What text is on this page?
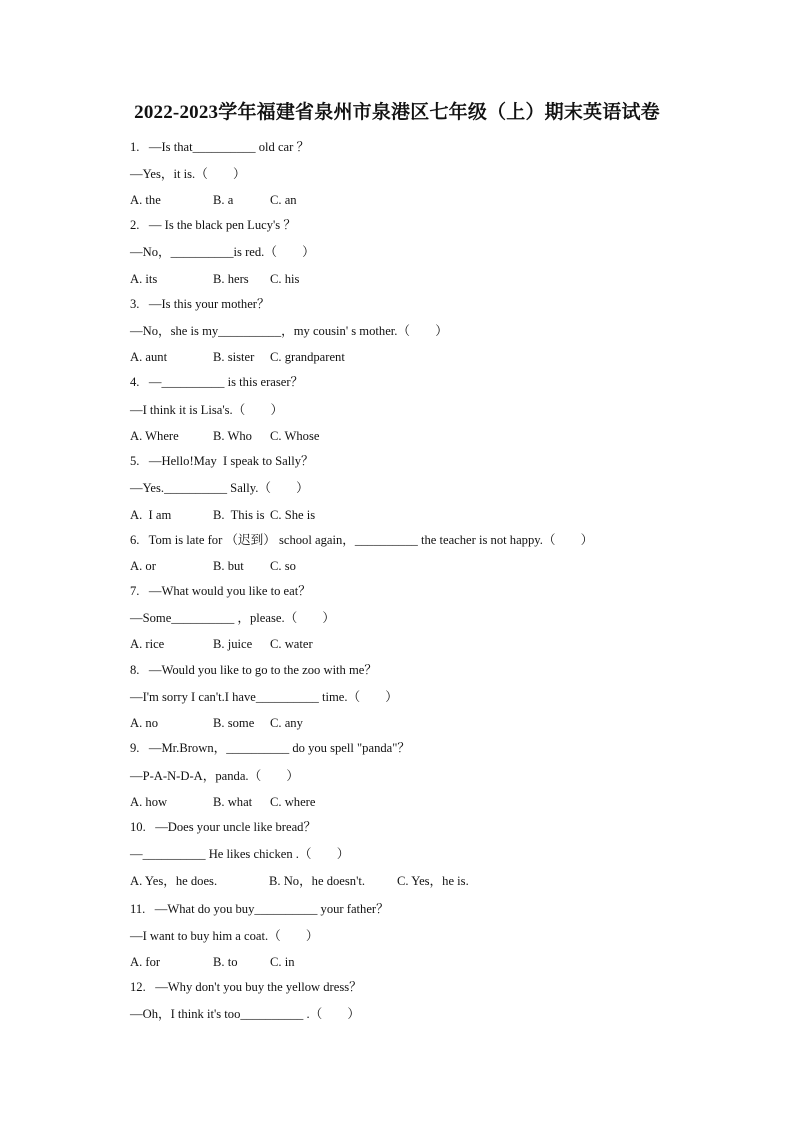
2022-2023学年福建省泉州市泉港区七年级（上）期末英语试卷
1.   —Is that__________ old car ？
—Yes，it is.（        ）

A. the

	B. a

	C. an

2.   — Is the black pen Lucy's ？
—No，__________is red.（        ）

A. its

	B. hers

C. his

3.   —Is this your mother？
—No，she is my__________，my cousin' s mother.（        ）

A. aunt

	B. sister

C. grandparent

4.   —__________ is this eraser？
—I think it is Lisa's.（        ）

A. Where

	B. Who

C. Whose

5.   —Hello!May  I speak to Sally？
—Yes.__________ Sally.（        ）

A.  I am

	B.  This is

C. She is

6.   Tom is late for （迟到） school again，__________ the teacher is not happy.（        ）

A. or

	B. but

C. so

7.   —What would you like to eat？
—Some__________ ，please.（        ）

A. rice

	B. juice

C. water

8.   —Would you like to go to the zoo with me？
—I'm sorry I can't.I have__________ time.（        ）

A. no

	B. some

C. any

9.   —Mr.Brown，__________ do you spell "panda"？
—P-A-N-D-A，panda.（        ）

A. how

	B. what

C. where

10.   —Does your uncle like bread？
—__________ He likes chicken .（        ）

A. Yes，he does.

	B. No，he doesn't.

	C. Yes，he is.

11.   —What do you buy__________ your father？
—I want to buy him a coat.（        ）

A. for

	B. to

	C. in

12.   —Why don't you buy the yellow dress？
—Oh，I think it's too__________ .（        ）
